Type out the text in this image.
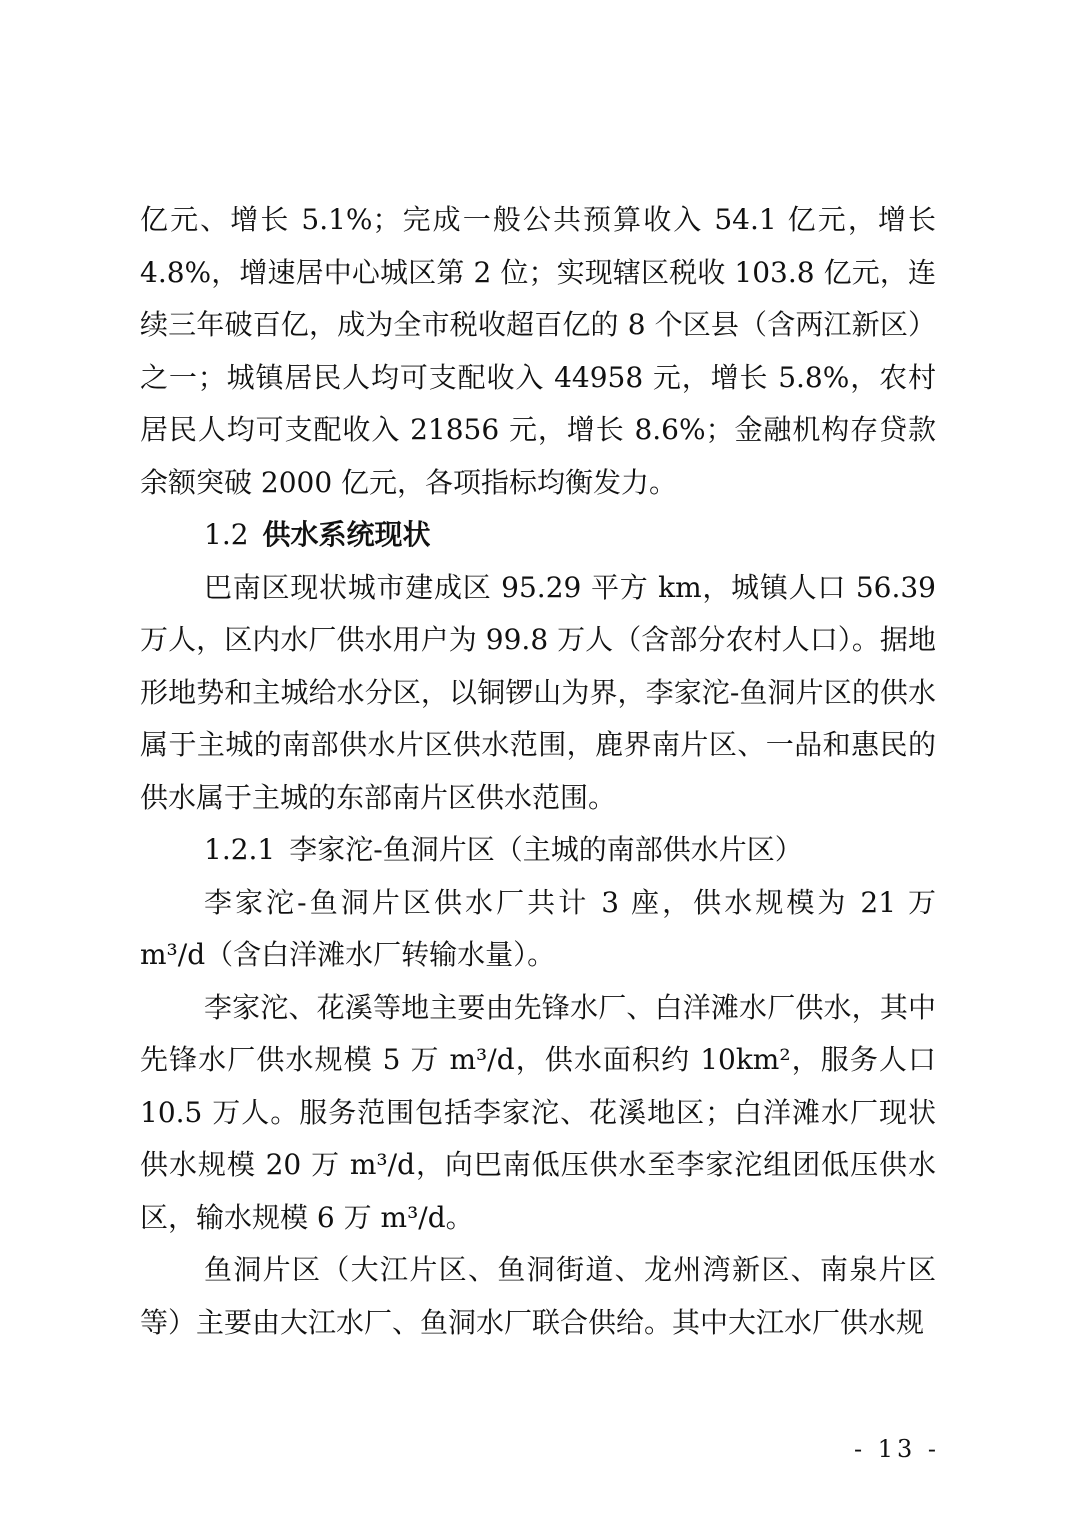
亿元、增长 5.1%；完成一般公共预算收入 54.1 亿元，增长 4.8%，增速居中心城区第 2 位；实现辖区税收 103.8 亿元，连续三年破百亿，成为全市税收超百亿的 8 个区县（含两江新区）之一；城镇居民人均可支配收入 44958 元，增长 5.8%，农村居民人均可支配收入 21856 元，增长 8.6%；金融机构存贷款余额突破 2000 亿元，各项指标均衡发力。

1.2 供水系统现状

巴南区现状城市建成区 95.29 平方 km，城镇人口 56.39 万人，区内水厂供水用户为 99.8 万人（含部分农村人口）。据地形地势和主城给水分区，以铜锣山为界，李家沱-鱼洞片区的供水属于主城的南部供水片区供水范围，鹿界南片区、一品和惠民的供水属于主城的东部南片区供水范围。

1.2.1 李家沱-鱼洞片区（主城的南部供水片区）

李家沱-鱼洞片区供水厂共计 3 座，供水规模为 21 万 m³/d（含白洋滩水厂转输水量）。

李家沱、花溪等地主要由先锋水厂、白洋滩水厂供水，其中先锋水厂供水规模 5 万 m³/d，供水面积约 10km²，服务人口 10.5 万人。服务范围包括李家沱、花溪地区；白洋滩水厂现状供水规模 20 万 m³/d，向巴南低压供水至李家沱组团低压供水区，输水规模 6 万 m³/d。

鱼洞片区（大江片区、鱼洞街道、龙州湾新区、南泉片区等）主要由大江水厂、鱼洞水厂联合供给。其中大江水厂供水规

- 13 -
